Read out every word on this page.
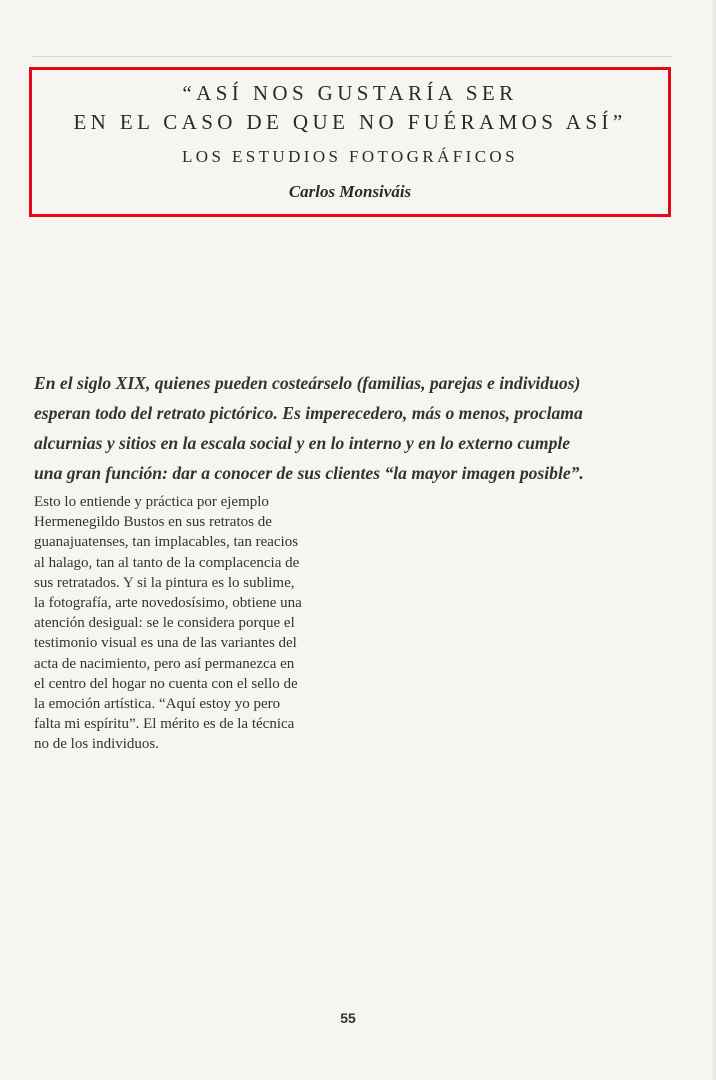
“ASÍ NOS GUSTARÍA SER

EN EL CASO DE QUE NO FUÉRAMOS ASÍ”

LOS ESTUDIOS FOTOGRÁFICOS
Carlos Monsiváis
En el siglo XIX, quienes pueden costeárselo (familias, parejas e individuos)
esperan todo del retrato pictórico. Es imperecedero, más o menos, proclama
alcurnias y sitios en la escala social y en lo interno y en lo externo cumple
una gran función: dar a conocer de sus clientes “la mayor imagen posible”.
Esto lo entiende y práctica por ejemplo
Hermenegildo Bustos en sus retratos de
guanajuatenses, tan implacables, tan reacios
al halago, tan al tanto de la complacencia de
sus retratados. Y si la pintura es lo sublime,
la fotografía, arte novedosísimo, obtiene una
atención desigual: se le considera porque el
testimonio visual es una de las variantes del
acta de nacimiento, pero así permanezca en
el centro del hogar no cuenta con el sello de
la emoción artística. “Aquí estoy yo pero
falta mi espíritu”. El mérito es de la técnica
no de los individuos.
55
